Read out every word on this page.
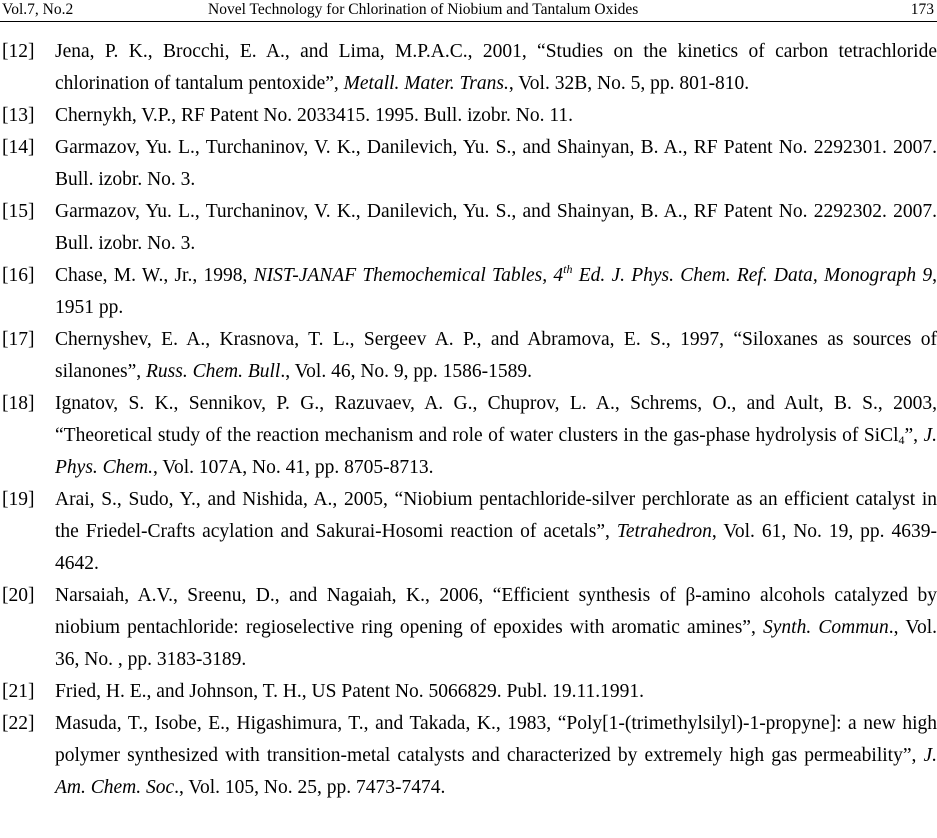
Vol.7, No.2	Novel Technology for Chlorination of Niobium and Tantalum Oxides	173
[12] Jena, P. K., Brocchi, E. A., and Lima, M.P.A.C., 2001, “Studies on the kinetics of carbon tetrachloride chlorination of tantalum pentoxide”, Metall. Mater. Trans., Vol. 32B, No. 5, pp. 801-810.
[13] Chernykh, V.P., RF Patent No. 2033415. 1995. Bull. izobr. No. 11.
[14] Garmazov, Yu. L., Turchaninov, V. K., Danilevich, Yu. S., and Shainyan, B. A., RF Patent No. 2292301. 2007. Bull. izobr. No. 3.
[15] Garmazov, Yu. L., Turchaninov, V. K., Danilevich, Yu. S., and Shainyan, B. A., RF Patent No. 2292302. 2007. Bull. izobr. No. 3.
[16] Chase, M. W., Jr., 1998, NIST-JANAF Themochemical Tables, 4th Ed. J. Phys. Chem. Ref. Data, Monograph 9, 1951 pp.
[17] Chernyshev, E. A., Krasnova, T. L., Sergeev A. P., and Abramova, E. S., 1997, “Siloxanes as sources of silanones”, Russ. Chem. Bull., Vol. 46, No. 9, pp. 1586-1589.
[18] Ignatov, S. K., Sennikov, P. G., Razuvaev, A. G., Chuprov, L. A., Schrems, O., and Ault, B. S., 2003, “Theoretical study of the reaction mechanism and role of water clusters in the gas-phase hydrolysis of SiCl$_4$”, J. Phys. Chem., Vol. 107A, No. 41, pp. 8705-8713.
[19] Arai, S., Sudo, Y., and Nishida, A., 2005, “Niobium pentachloride-silver perchlorate as an efficient catalyst in the Friedel-Crafts acylation and Sakurai-Hosomi reaction of acetals”, Tetrahedron, Vol. 61, No. 19, pp. 4639-4642.
[20] Narsaiah, A.V., Sreenu, D., and Nagaiah, K., 2006, “Efficient synthesis of β-amino alcohols catalyzed by niobium pentachloride: regioselective ring opening of epoxides with aromatic amines”, Synth. Commun., Vol. 36, No. , pp. 3183-3189.
[21] Fried, H. E., and Johnson, T. H., US Patent No. 5066829. Publ. 19.11.1991.
[22] Masuda, T., Isobe, E., Higashimura, T., and Takada, K., 1983, “Poly[1-(trimethylsilyl)-1-propyne]: a new high polymer synthesized with transition-metal catalysts and characterized by extremely high gas permeability”, J. Am. Chem. Soc., Vol. 105, No. 25, pp. 7473-7474.
